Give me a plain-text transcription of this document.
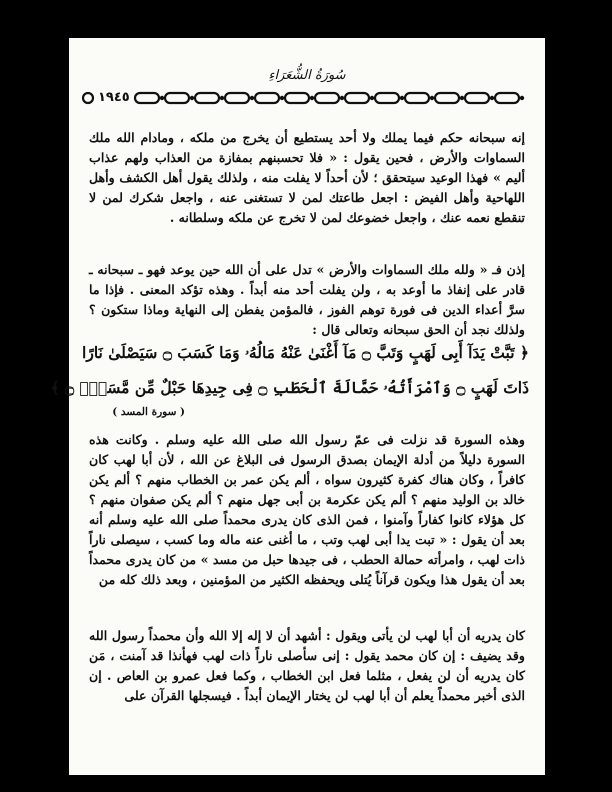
سُورَةُ الشُّعَرَاءِ
١٩٤٥

إنه سبحانه حكم فيما يملك ولا أحد يستطيع أن يخرج من ملكه ، ومادام الله ملك السماوات والأرض ، فحين يقول : « فلا تحسبنهم بمفازة من العذاب ولهم عذاب أليم » فهذا الوعيد سيتحقق ؛ لأن أحداً لا يفلت منه ، ولذلك يقول أهل الكشف وأهل اللهاحية وأهل الفيض : اجعل طاعتك لمن لا تستغنى عنه ، واجعل شكرك لمن لا تنقطع نعمه عنك ، واجعل خضوعك لمن لا تخرج عن ملكه وسلطانه .

إذن فـ « ولله ملك السماوات والأرض » تدل على أن الله حين يوعد فهو ـ سبحانه ـ قادر على إنفاذ ما أوعد به ، ولن يفلت أحد منه أبداً . وهذه تؤكد المعنى . فإذا ما سرَّ أعداء الدين فى فورة توهم الفوز ، فالمؤمن يفطن إلى النهاية وماذا ستكون ؟ ولذلك نجد أن الحق سبحانه وتعالى قال :

﴿ تَبَّتْ يَدَآ أَبِى لَهَبٍ وَتَبَّ ۝ مَآ أَغْنَىٰ عَنْهُ مَالُهُۥ وَمَا كَسَبَ ۝ سَيَصْلَىٰ نَارًا
ذَاتَ لَهَبٍ ۝ وَٱمْرَأَتُهُۥ حَمَّالَةَ ٱلْحَطَبِ ۝ فِى جِيدِهَا حَبْلٌ مِّن مَّسَدٍۭ ۝ ﴾
( سورة المسد )

وهذه السورة قد نزلت فى عمّ رسول الله صلى الله عليه وسلم . وكانت هذه السورة دليلاً من أدلة الإيمان بصدق الرسول فى البلاغ عن الله ، لأن أبا لهب كان كافراً ، وكان هناك كفرة كثيرون سواه ، ألم يكن عمر بن الخطاب منهم ؟ ألم يكن خالد بن الوليد منهم ؟ ألم يكن عكرمة بن أبى جهل منهم ؟ ألم يكن صفوان منهم ؟ كل هؤلاء كانوا كفاراً وآمنوا ، فمن الذى كان يدرى محمداً صلى الله عليه وسلم أنه بعد أن يقول : « تبت يدا أبى لهب وتب ، ما أغنى عنه ماله وما كسب ، سيصلى ناراً ذات لهب ، وامرأته حمالة الحطب ، فى جيدها حبل من مسد » من كان يدرى محمداً بعد أن يقول هذا ويكون قرآناً يُتلى ويحفظه الكثير من المؤمنين ، وبعد ذلك كله من

كان يدريه أن أبا لهب لن يأتى ويقول : أشهد أن لا إله إلا الله وأن محمداً رسول الله وقد يضيف : إن كان محمد يقول : إنى سأصلى ناراً ذات لهب فهأنذا قد آمنت ، مَن كان يدريه أن لن يفعل ، مثلما فعل ابن الخطاب ، وكما فعل عمرو بن العاص . إن الذى أخبر محمداً يعلم أن أبا لهب لن يختار الإيمان أبداً . فيسجلها القرآن على
